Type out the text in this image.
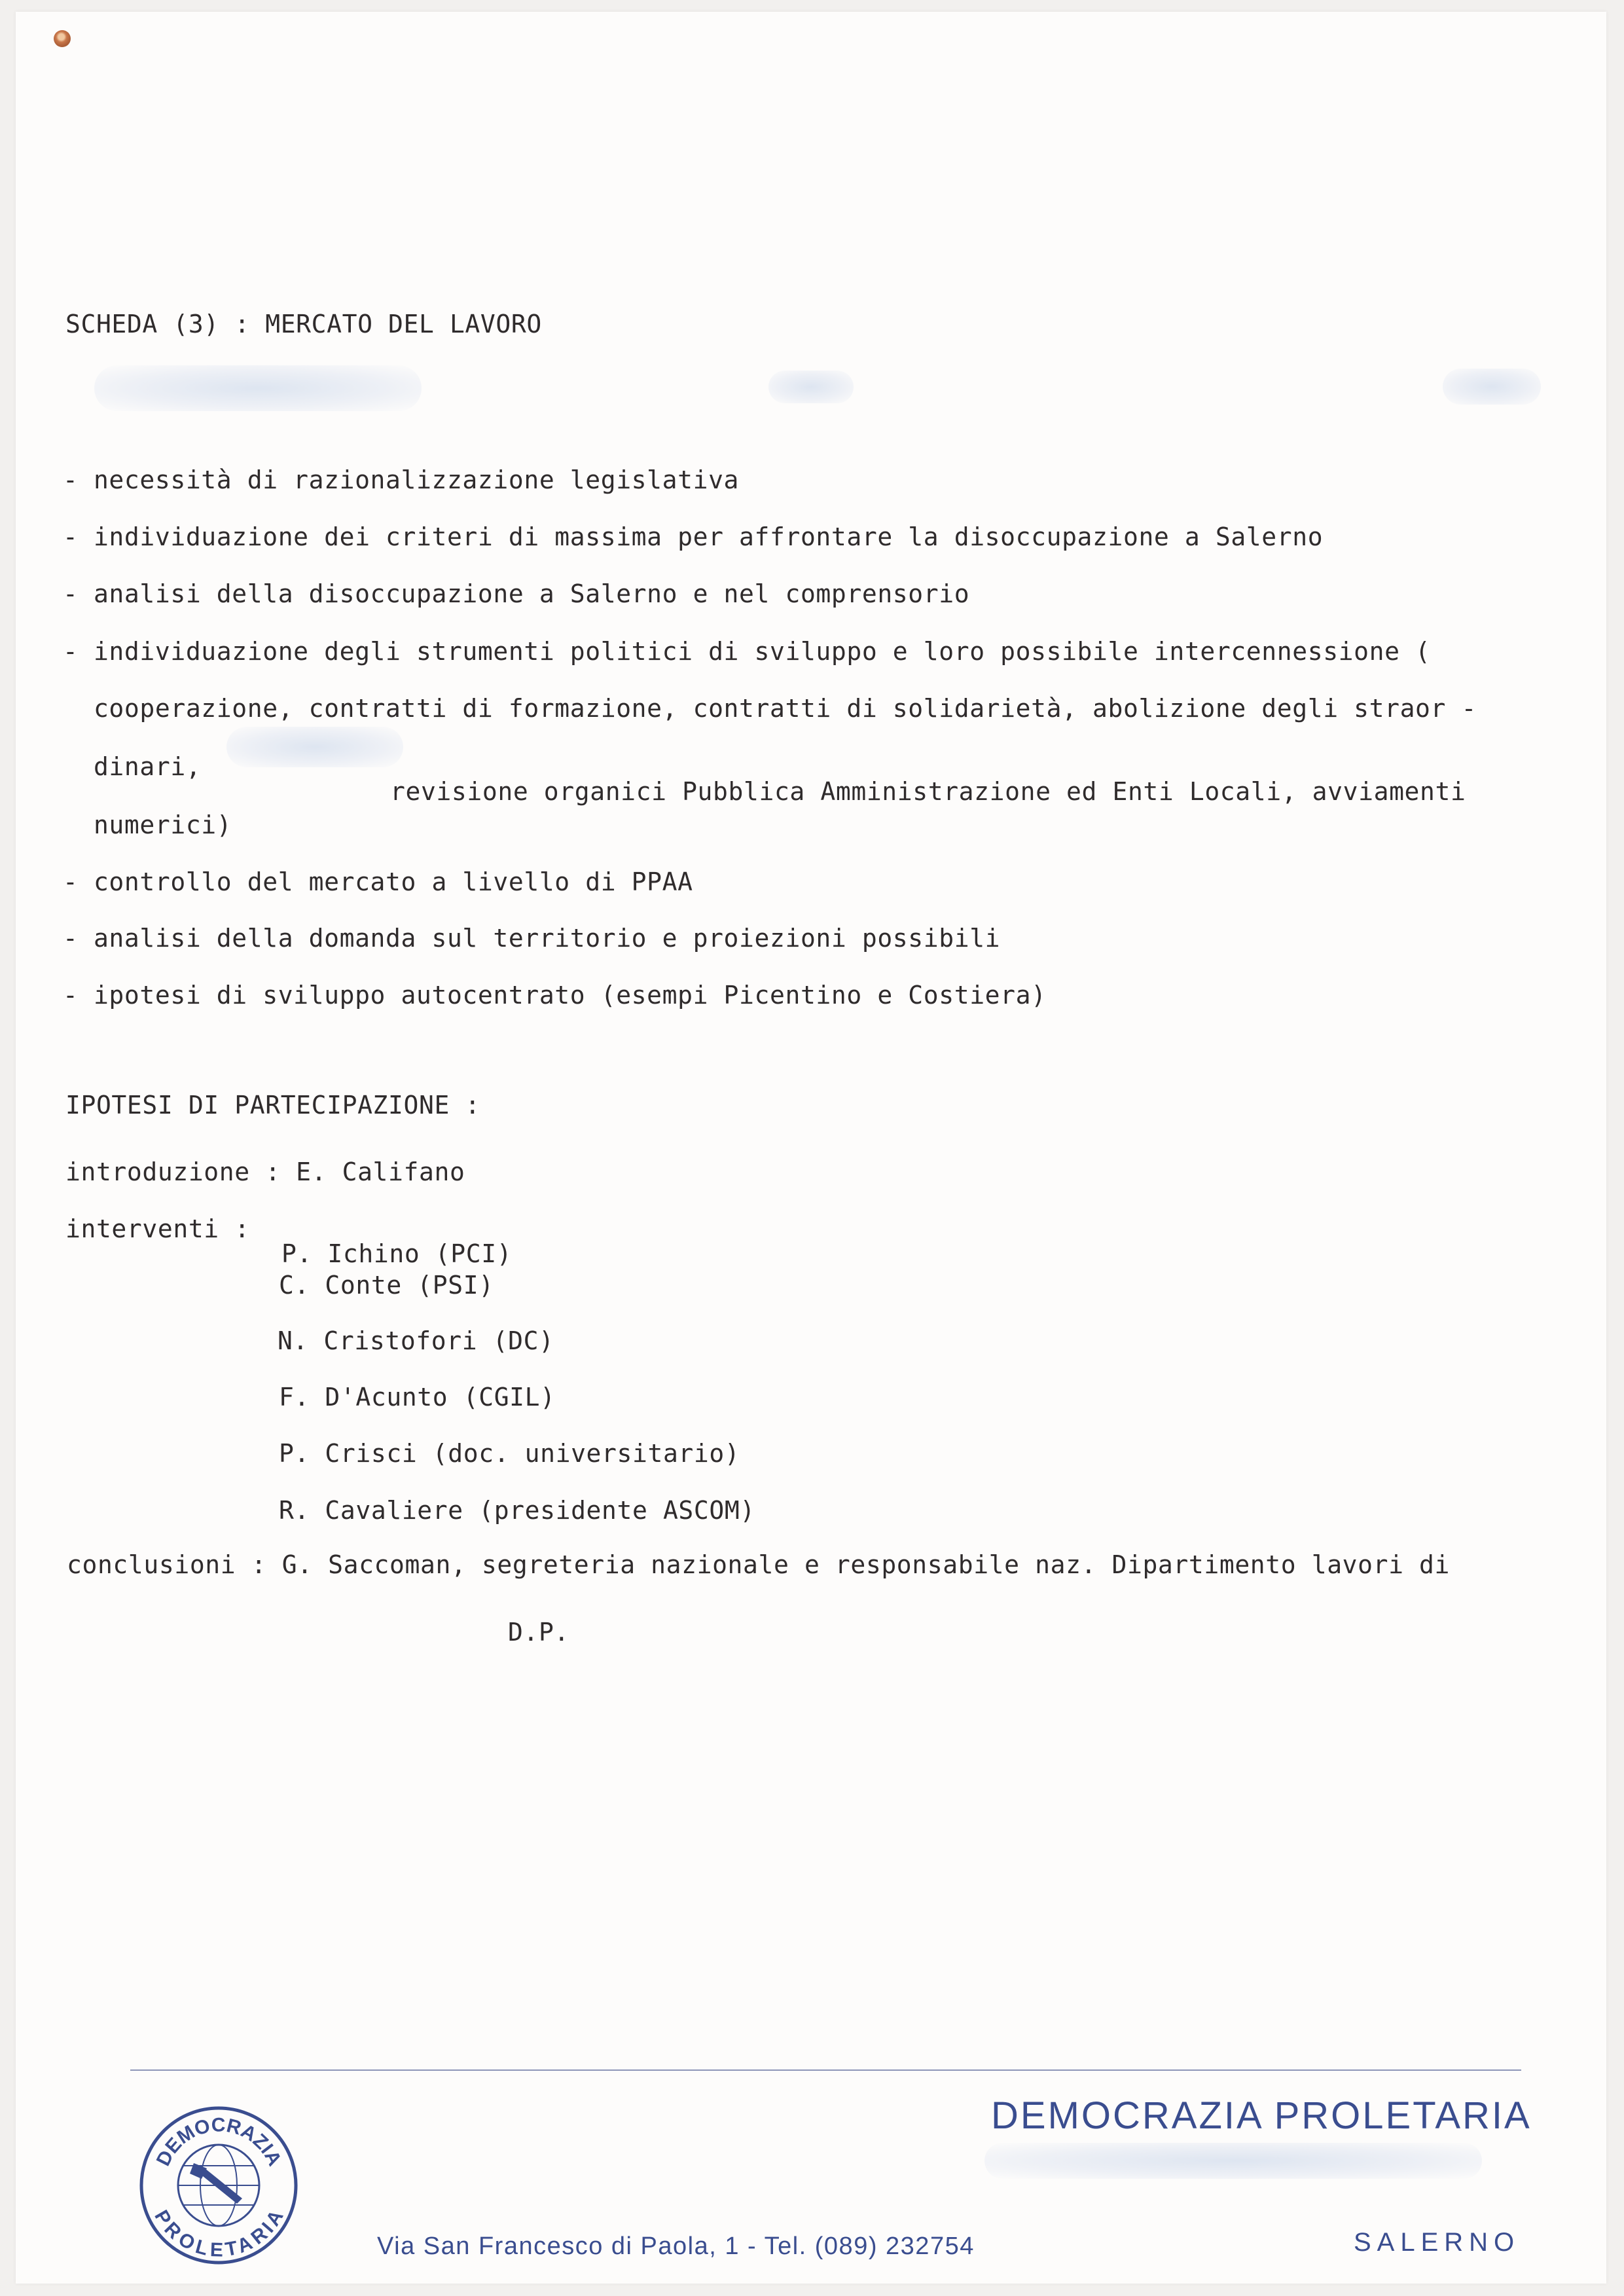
SCHEDA (3) : MERCATO DEL LAVORO

- necessità di razionalizzazione legislativa

- individuazione dei criteri di massima per affrontare la disoccupazione a Salerno

- analisi della disoccupazione a Salerno e nel comprensorio

- individuazione degli strumenti politici di sviluppo e loro possibile intercennessione (

cooperazione, contratti di formazione, contratti di solidarietà, abolizione degli straor -

dinari,

revisione organici Pubblica Amministrazione ed Enti Locali, avviamenti

numerici)

- controllo del mercato a livello di PPAA

- analisi della domanda sul territorio e proiezioni possibili

- ipotesi di sviluppo autocentrato (esempi Picentino e Costiera)

IPOTESI DI PARTECIPAZIONE :

introduzione : E. Califano

interventi :

P. Ichino (PCI)

C. Conte (PSI)

N. Cristofori (DC)

F. D'Acunto (CGIL)

P. Crisci (doc. universitario)

R. Cavaliere (presidente ASCOM)

conclusioni : G. Saccoman, segreteria nazionale e responsabile naz. Dipartimento lavori di

D.P.

DEMOCRAZIA PROLETARIA
DEMOCRAZIA
PROLETARIA
Via San Francesco di Paola, 1 - Tel. (089) 232754	SALERNO
